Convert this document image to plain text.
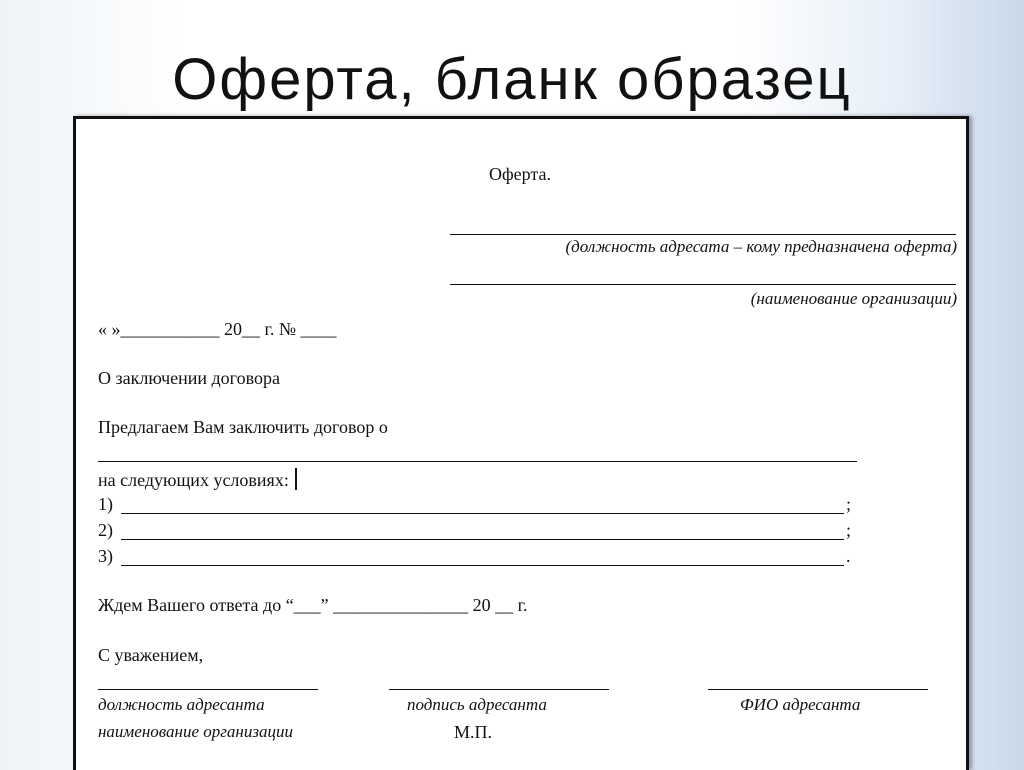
Оферта, бланк образец
Оферта.
(должность адресата – кому предназначена оферта)
(наименование организации)
« »___________ 20__ г. № ____
О заключении договора
Предлагаем Вам заключить договор о
на следующих условиях:
1)	;
2)	;
3)	.
Ждем Вашего ответа до “___” _______________ 20 __ г.
С уважением,
должность адресанта	подпись адресанта	ФИО адресанта
наименование организации	М.П.
